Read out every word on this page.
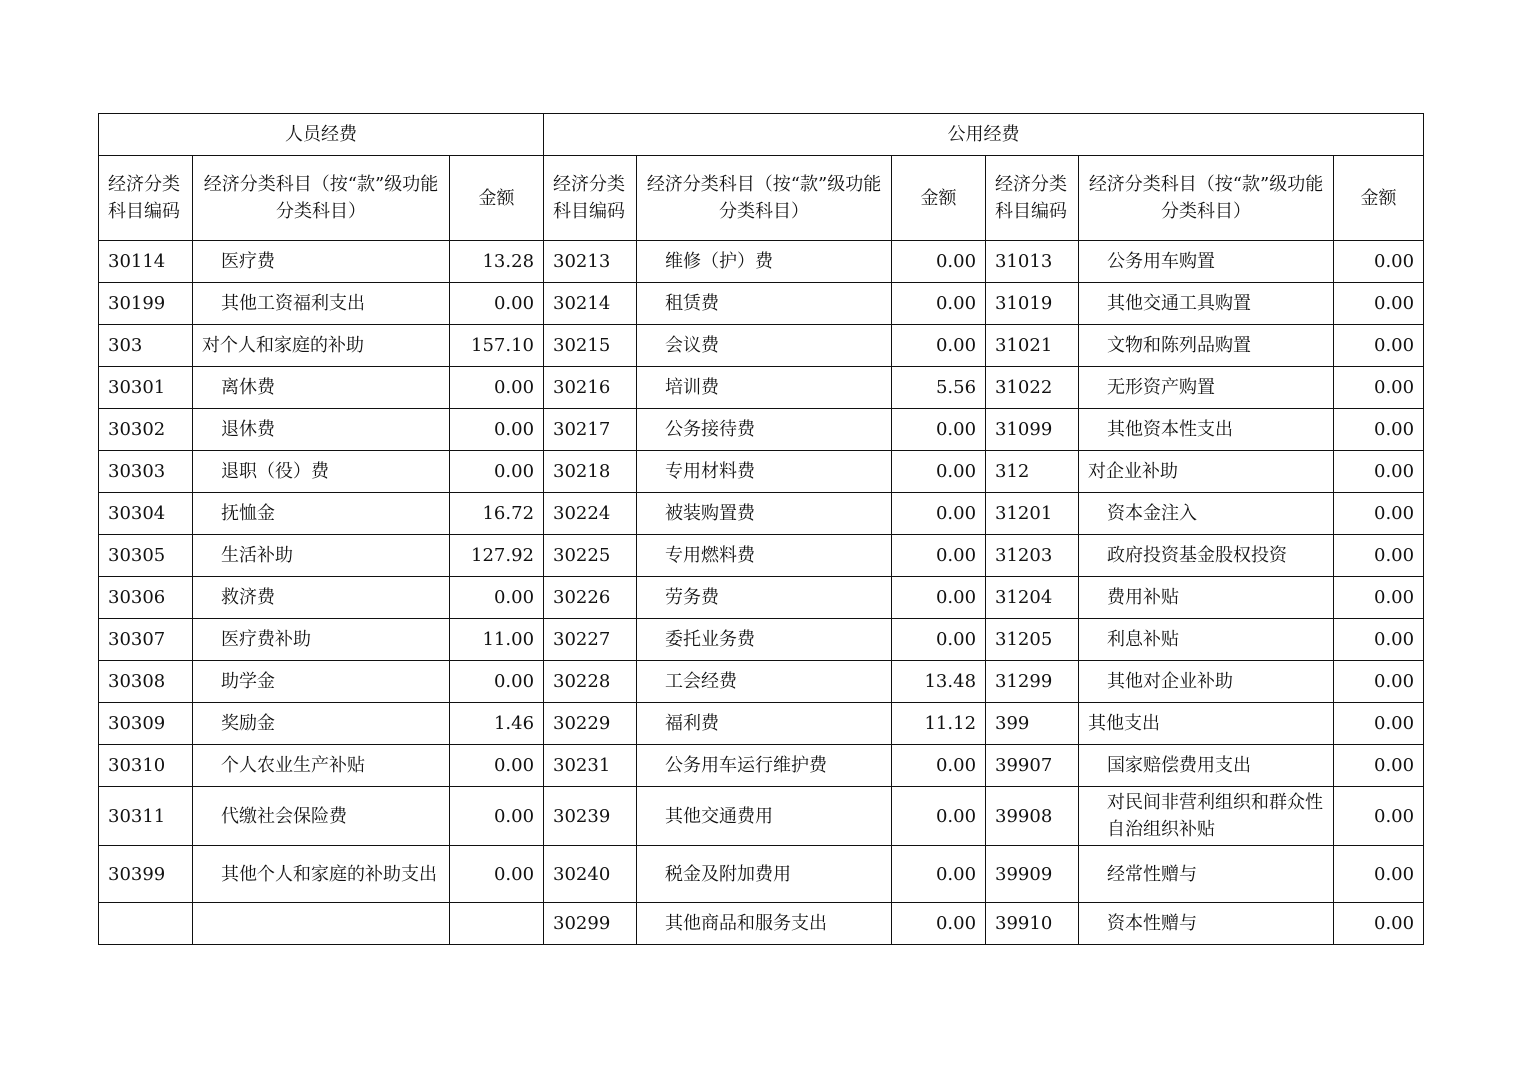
人员经费			公用经费					
经济分类科目编码	经济分类科目（按“款”级功能分类科目）	金额	经济分类科目编码	经济分类科目（按“款”级功能分类科目）	金额	经济分类科目编码	经济分类科目（按“款”级功能分类科目）	金额
30114	医疗费	13.28	30213	维修（护）费	0.00	31013	公务用车购置	0.00
30199	其他工资福利支出	0.00	30214	租赁费	0.00	31019	其他交通工具购置	0.00
303	对个人和家庭的补助	157.10	30215	会议费	0.00	31021	文物和陈列品购置	0.00
30301	离休费	0.00	30216	培训费	5.56	31022	无形资产购置	0.00
30302	退休费	0.00	30217	公务接待费	0.00	31099	其他资本性支出	0.00
30303	退职（役）费	0.00	30218	专用材料费	0.00	312	对企业补助	0.00
30304	抚恤金	16.72	30224	被装购置费	0.00	31201	资本金注入	0.00
30305	生活补助	127.92	30225	专用燃料费	0.00	31203	政府投资基金股权投资	0.00
30306	救济费	0.00	30226	劳务费	0.00	31204	费用补贴	0.00
30307	医疗费补助	11.00	30227	委托业务费	0.00	31205	利息补贴	0.00
30308	助学金	0.00	30228	工会经费	13.48	31299	其他对企业补助	0.00
30309	奖励金	1.46	30229	福利费	11.12	399	其他支出	0.00
30310	个人农业生产补贴	0.00	30231	公务用车运行维护费	0.00	39907	国家赔偿费用支出	0.00
30311	代缴社会保险费	0.00	30239	其他交通费用	0.00	39908	对民间非营利组织和群众性自治组织补贴	0.00
30399	其他个人和家庭的补助支出	0.00	30240	税金及附加费用	0.00	39909	经常性赠与	0.00
			30299	其他商品和服务支出	0.00	39910	资本性赠与	0.00
